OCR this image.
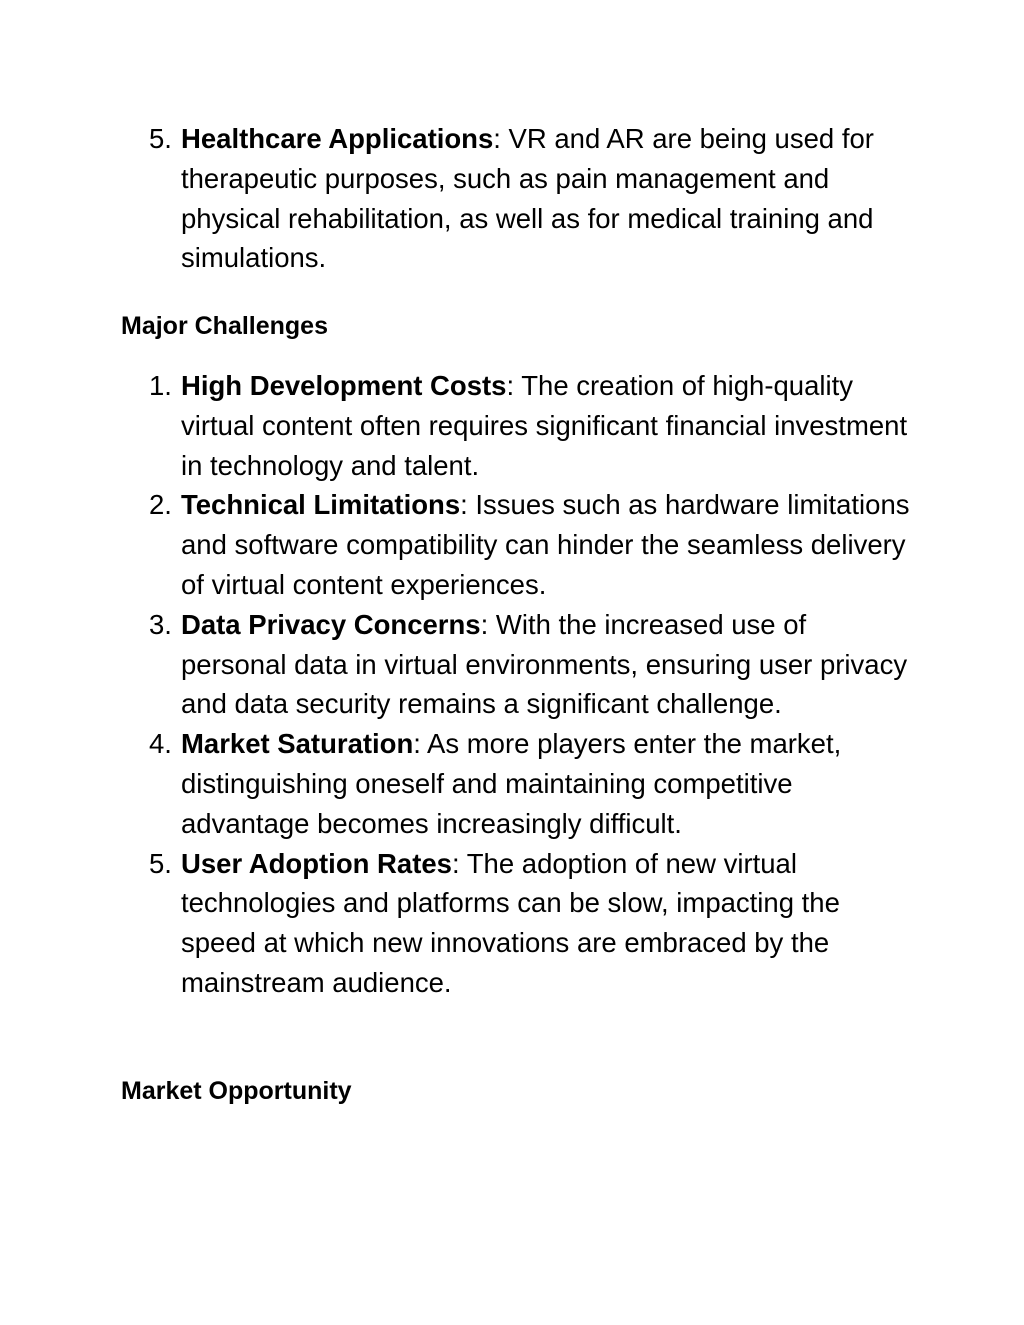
5. Healthcare Applications: VR and AR are being used for therapeutic purposes, such as pain management and physical rehabilitation, as well as for medical training and simulations.
Major Challenges
1. High Development Costs: The creation of high-quality virtual content often requires significant financial investment in technology and talent.
2. Technical Limitations: Issues such as hardware limitations and software compatibility can hinder the seamless delivery of virtual content experiences.
3. Data Privacy Concerns: With the increased use of personal data in virtual environments, ensuring user privacy and data security remains a significant challenge.
4. Market Saturation: As more players enter the market, distinguishing oneself and maintaining competitive advantage becomes increasingly difficult.
5. User Adoption Rates: The adoption of new virtual technologies and platforms can be slow, impacting the speed at which new innovations are embraced by the mainstream audience.
Market Opportunity
